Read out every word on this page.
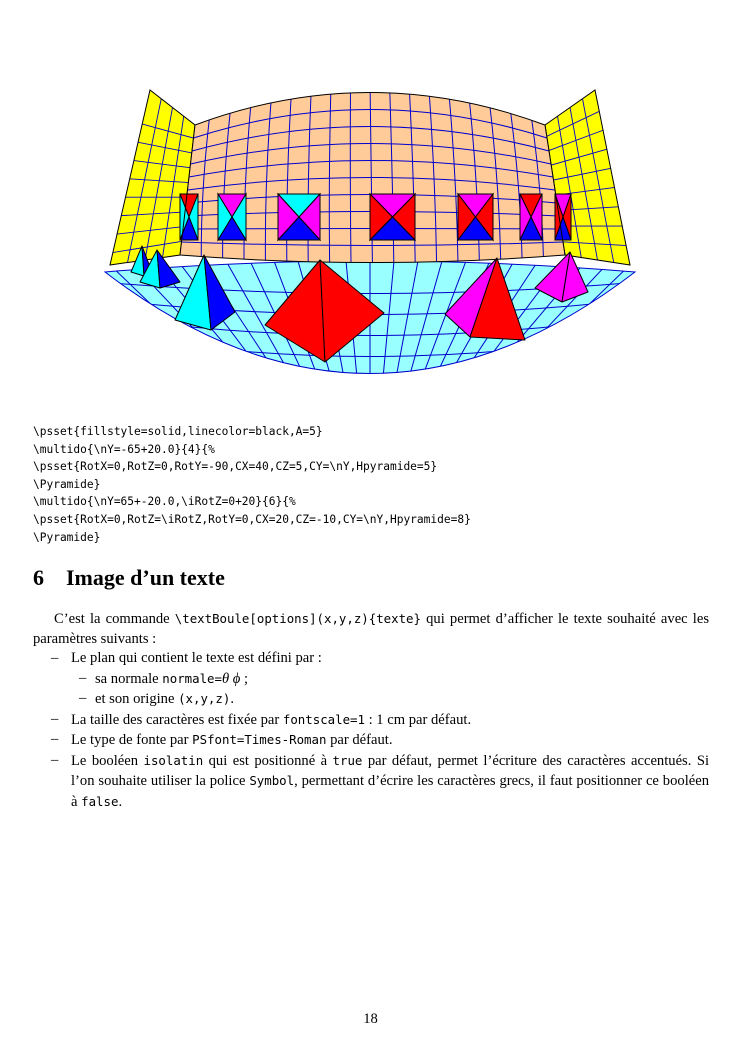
\psset{fillstyle=solid,linecolor=black,A=5}
\multido{\nY=-65+20.0}{4}{%
\psset{RotX=0,RotZ=0,RotY=-90,CX=40,CZ=5,CY=\nY,Hpyramide=5}
\Pyramide}
\multido{\nY=65+-20.0,\iRotZ=0+20}{6}{%
\psset{RotX=0,RotZ=\iRotZ,RotY=0,CX=20,CZ=-10,CY=\nY,Hpyramide=8}
\Pyramide}
6 Image d’un texte

C’est la commande \textBoule[options](x,y,z){texte} qui permet d’afficher le texte souhaité avec les paramètres suivants :

– Le plan qui contient le texte est défini par :
– sa normale normale=θ ϕ ;
– et son origine (x,y,z).
– La taille des caractères est fixée par fontscale=1 : 1 cm par défaut.
– Le type de fonte par PSfont=Times-Roman par défaut.
– Le booléen isolatin qui est positionné à true par défaut, permet l’écriture des caractères accentués. Si l’on souhaite utiliser la police Symbol, permettant d’écrire les caractères grecs, il faut positionner ce booléen à false.
18
